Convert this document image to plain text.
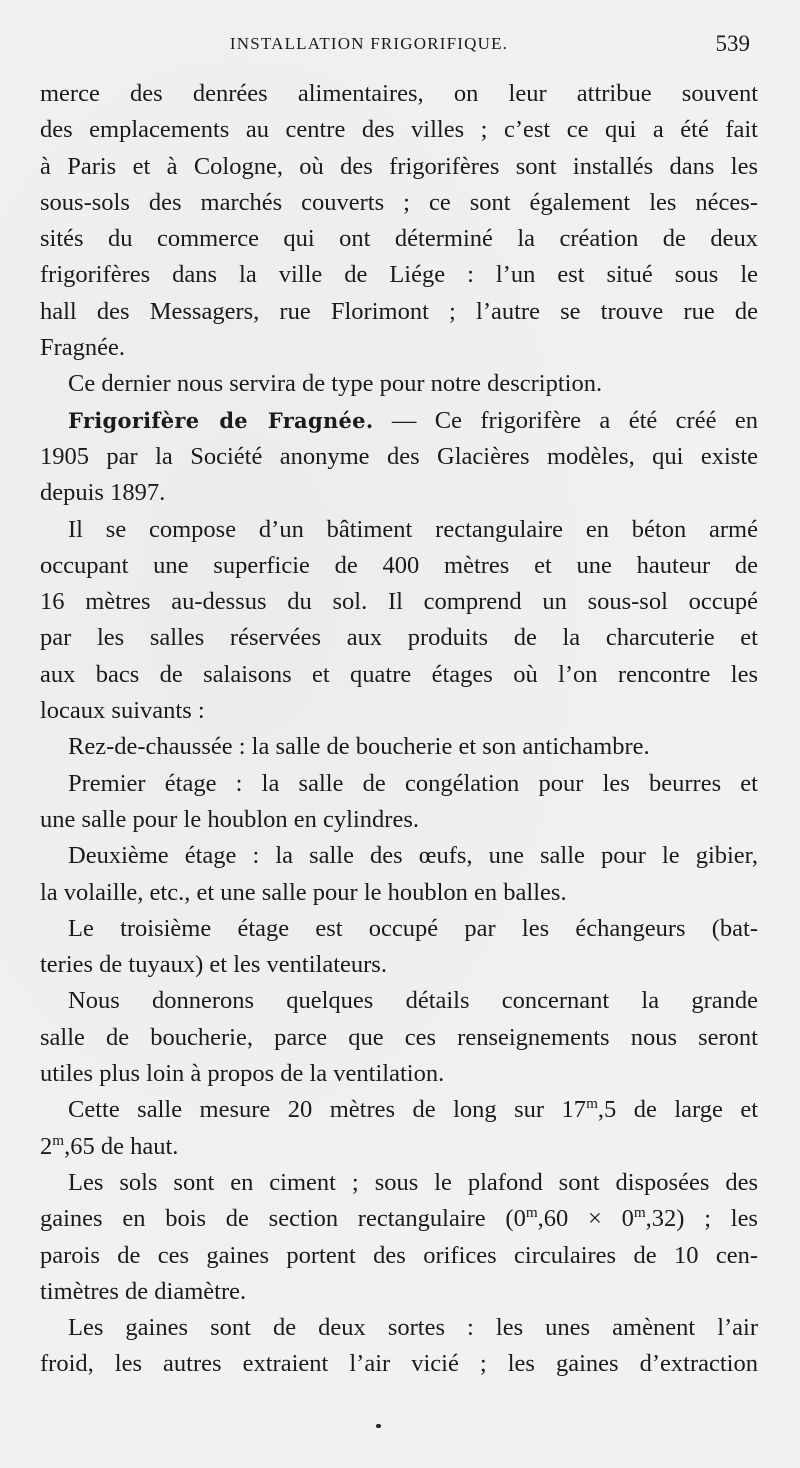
INSTALLATION FRIGORIFIQUE.	539
merce des denrées alimentaires, on leur attribue souvent
des emplacements au centre des villes ; c’est ce qui a été fait
à Paris et à Cologne, où des frigorifères sont installés dans les
sous-sols des marchés couverts ; ce sont également les néces-
sités du commerce qui ont déterminé la création de deux
frigorifères dans la ville de Liége : l’un est situé sous le
hall des Messagers, rue Florimont ; l’autre se trouve rue de
Fragnée.
Ce dernier nous servira de type pour notre description.
Frigorifère de Fragnée. — Ce frigorifère a été créé en
1905 par la Société anonyme des Glacières modèles, qui existe
depuis 1897.
Il se compose d’un bâtiment rectangulaire en béton armé
occupant une superficie de 400 mètres et une hauteur de
16 mètres au-dessus du sol. Il comprend un sous-sol occupé
par les salles réservées aux produits de la charcuterie et
aux bacs de salaisons et quatre étages où l’on rencontre les
locaux suivants :
Rez-de-chaussée : la salle de boucherie et son antichambre.
Premier étage : la salle de congélation pour les beurres et
une salle pour le houblon en cylindres.
Deuxième étage : la salle des œufs, une salle pour le gibier,
la volaille, etc., et une salle pour le houblon en balles.
Le troisième étage est occupé par les échangeurs (bat-
teries de tuyaux) et les ventilateurs.
Nous donnerons quelques détails concernant la grande
salle de boucherie, parce que ces renseignements nous seront
utiles plus loin à propos de la ventilation.
Cette salle mesure 20 mètres de long sur 17$^m$,5 de large et
2$^m$,65 de haut.
Les sols sont en ciment ; sous le plafond sont disposées des
gaines en bois de section rectangulaire $(0^m,60 \times 0^m,32)$ ; les
parois de ces gaines portent des orifices circulaires de 10 cen-
timètres de diamètre.
Les gaines sont de deux sortes : les unes amènent l’air
froid, les autres extraient l’air vicié ; les gaines d’extraction
